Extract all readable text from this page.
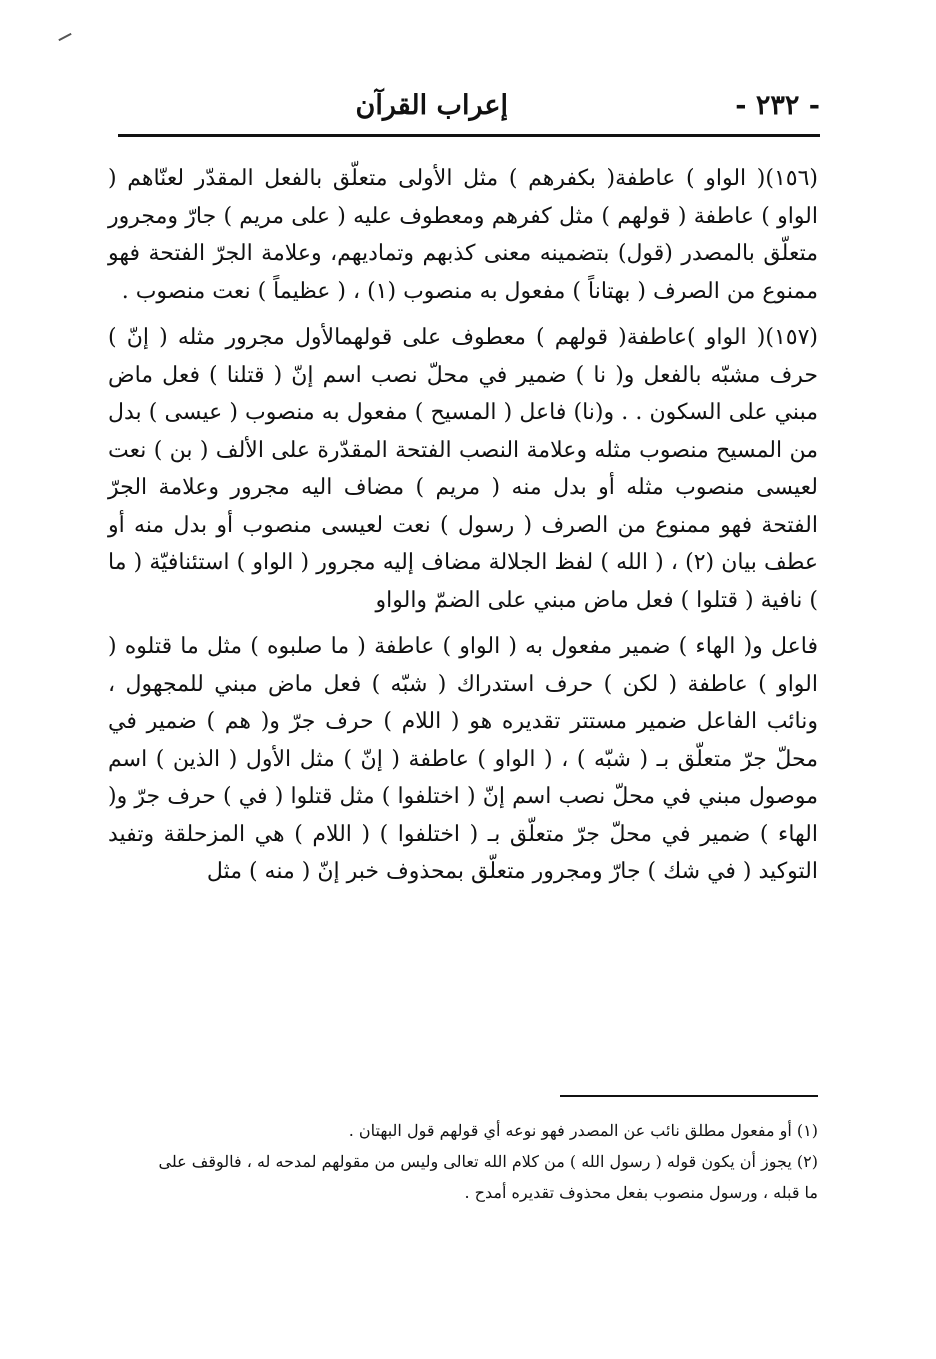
- ٢٣٢ -
إعراب القرآن

(١٥٦)( الواو ) عاطفة( بكفرهم ) مثل الأولى متعلّق بالفعل المقدّر لعنّاهم ( الواو ) عاطفة ( قولهم ) مثل كفرهم ومعطوف عليه ( على مريم ) جارّ ومجرور متعلّق بالمصدر (قول) بتضمينه معنى كذبهم وتماديهم، وعلامة الجرّ الفتحة فهو ممنوع من الصرف ( بهتاناً ) مفعول به منصوب (١) ، ( عظيماً ) نعت منصوب .

(١٥٧)( الواو )عاطفة( قولهم ) معطوف على قولهمالأول مجرور مثله ( إنّ ) حرف مشبّه بالفعل و( نا ) ضمير في محلّ نصب اسم إنّ ( قتلنا ) فعل ماض مبني على السكون . . و(نا) فاعل ( المسيح ) مفعول به منصوب ( عيسى ) بدل من المسيح منصوب مثله وعلامة النصب الفتحة المقدّرة على الألف ( بن ) نعت لعيسى منصوب مثله أو بدل منه ( مريم ) مضاف اليه مجرور وعلامة الجرّ الفتحة فهو ممنوع من الصرف ( رسول ) نعت لعيسى منصوب أو بدل منه أو عطف بيان (٢) ، ( الله ) لفظ الجلالة مضاف إليه مجرور ( الواو ) استئنافيّة ( ما ) نافية ( قتلوا ) فعل ماض مبني على الضمّ والواو

فاعل و( الهاء ) ضمير مفعول به ( الواو ) عاطفة ( ما صلبوه ) مثل ما قتلوه ( الواو ) عاطفة ( لكن ) حرف استدراك ( شبّه ) فعل ماض مبني للمجهول ، ونائب الفاعل ضمير مستتر تقديره هو ( اللام ) حرف جرّ و( هم ) ضمير في محلّ جرّ متعلّق بـ ( شبّه ) ، ( الواو ) عاطفة ( إنّ ) مثل الأول ( الذين ) اسم موصول مبني في محلّ نصب اسم إنّ ( اختلفوا ) مثل قتلوا ( في ) حرف جرّ و( الهاء ) ضمير في محلّ جرّ متعلّق بـ ( اختلفوا ) ( اللام ) هي المزحلقة وتفيد التوكيد ( في شك ) جارّ ومجرور متعلّق بمحذوف خبر إنّ ( منه ) مثل

(١) أو مفعول مطلق نائب عن المصدر فهو نوعه أي قولهم قول البهتان .

(٢) يجوز أن يكون قوله ( رسول الله ) من كلام الله تعالى وليس من مقولهم لمدحه له ، فالوقف على ما قبله ، ورسول منصوب بفعل محذوف تقديره أمدح .
